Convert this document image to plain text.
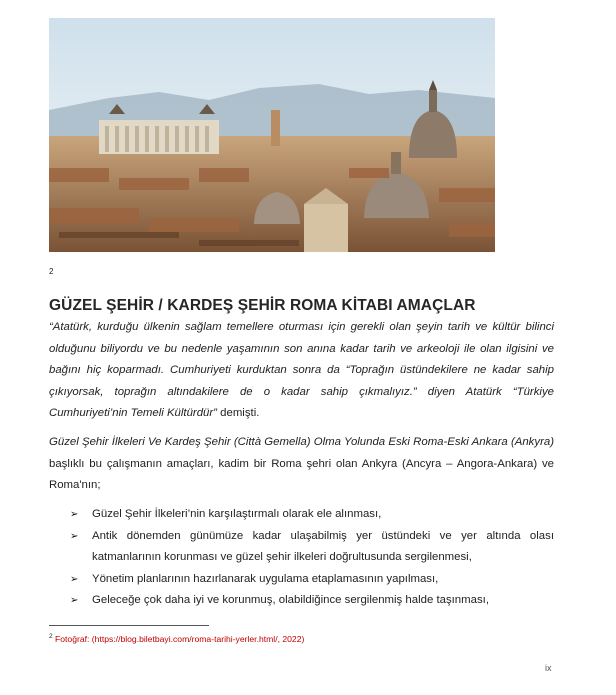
2
GÜZEL ŞEHİR / KARDEŞ ŞEHİR ROMA KİTABI AMAÇLAR

“Atatürk, kurduğu ülkenin sağlam temellere oturması için gerekli olan şeyin tarih ve kültür bilinci olduğunu biliyordu ve bu nedenle yaşamının son anına kadar tarih ve arkeoloji ile olan ilgisini ve bağını hiç koparmadı. Cumhuriyeti kurduktan sonra da “Toprağın üstündekilere ne kadar sahip çıkıyorsak, toprağın altındakilere de o kadar sahip çıkmalıyız.” diyen Atatürk “Türkiye Cumhuriyeti’nin Temeli Kültürdür” demişti.

Güzel Şehir İlkeleri Ve Kardeş Şehir (Città Gemella) Olma Yolunda Eski Roma-Eski Ankara (Ankyra) başlıklı bu çalışmanın amaçları, kadim bir Roma şehri olan Ankyra (Ancyra – Angora-Ankara) ve Roma'nın;

➢ Güzel Şehir İlkeleri’nin karşılaştırmalı olarak ele alınması,
➢ Antik dönemden günümüze kadar ulaşabilmiş yer üstündeki ve yer altında olası katmanlarının korunması ve güzel şehir ilkeleri doğrultusunda sergilenmesi,
➢ Yönetim planlarının hazırlanarak uygulama etaplamasının yapılması,
➢ Geleceğe çok daha iyi ve korunmuş, olabildiğince sergilenmiş halde taşınması,
$^2$ Fotoğraf: (https://blog.biletbayi.com/roma-tarihi-yerler.html/, 2022)
ix
